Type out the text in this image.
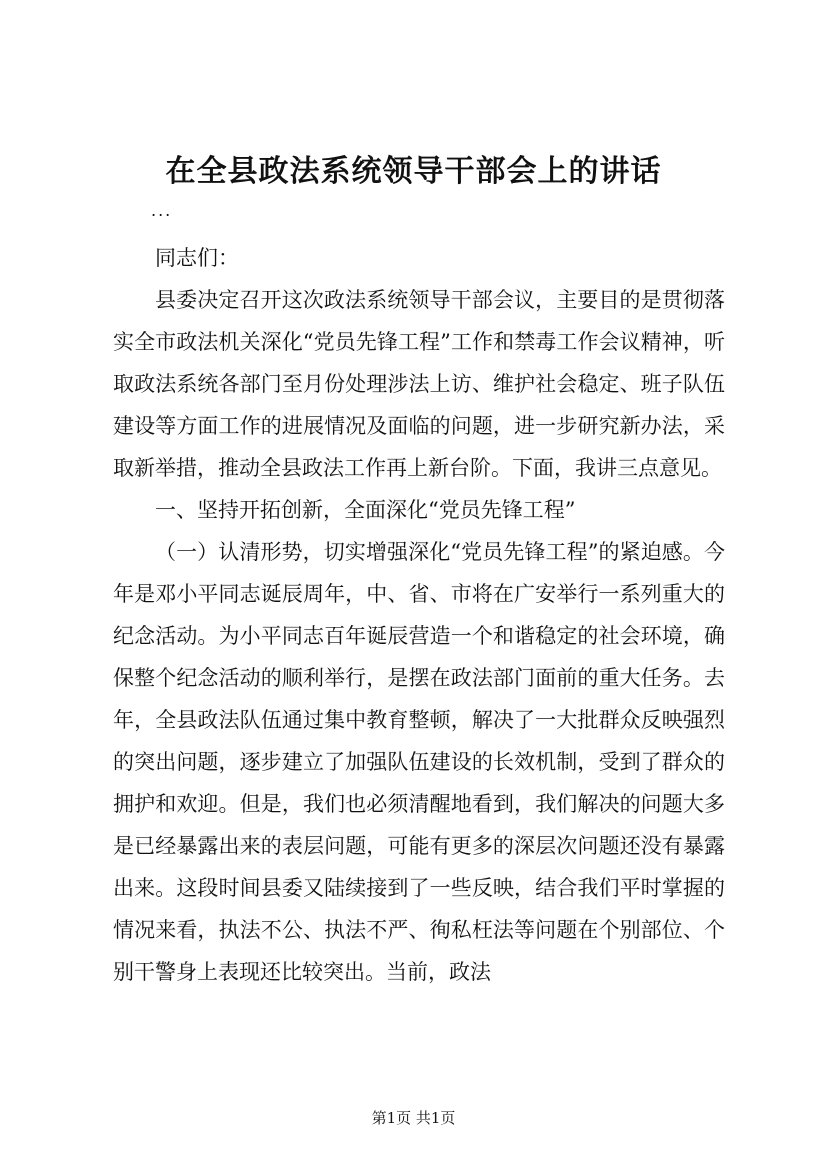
在全县政法系统领导干部会上的讲话

...

同志们：

县委决定召开这次政法系统领导干部会议，主要目的是贯彻落实全市政法机关深化“党员先锋工程”工作和禁毒工作会议精神，听取政法系统各部门至月份处理涉法上访、维护社会稳定、班子队伍建设等方面工作的进展情况及面临的问题，进一步研究新办法，采取新举措，推动全县政法工作再上新台阶。下面，我讲三点意见。

一、坚持开拓创新，全面深化“党员先锋工程”

（一）认清形势，切实增强深化“党员先锋工程”的紧迫感。今年是邓小平同志诞辰周年，中、省、市将在广安举行一系列重大的纪念活动。为小平同志百年诞辰营造一个和谐稳定的社会环境，确保整个纪念活动的顺利举行，是摆在政法部门面前的重大任务。去年，全县政法队伍通过集中教育整顿，解决了一大批群众反映强烈的突出问题，逐步建立了加强队伍建设的长效机制，受到了群众的拥护和欢迎。但是，我们也必须清醒地看到，我们解决的问题大多是已经暴露出来的表层问题，可能有更多的深层次问题还没有暴露出来。这段时间县委又陆续接到了一些反映，结合我们平时掌握的情况来看，执法不公、执法不严、徇私枉法等问题在个别部位、个别干警身上表现还比较突出。当前，政法

第1页 共1页
